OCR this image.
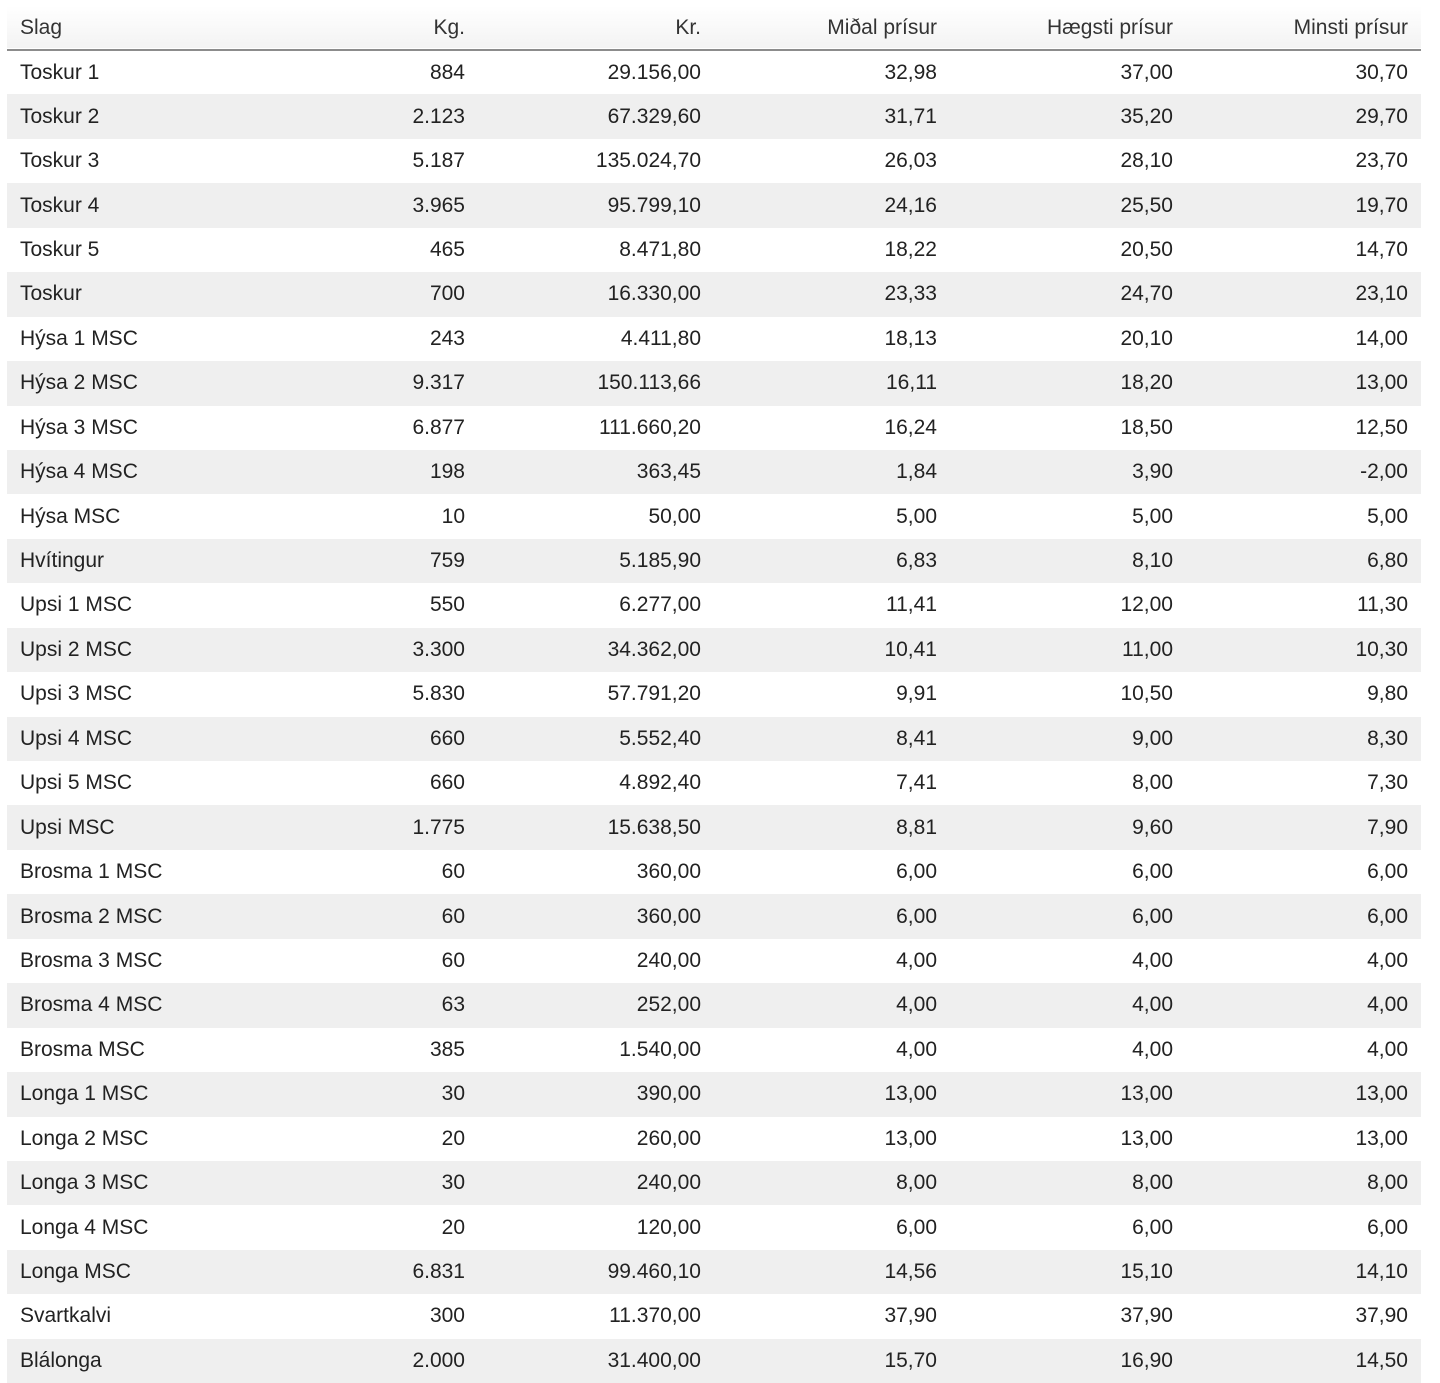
Slag	Kg.	Kr.	Miðal prísur	Hægsti prísur	Minsti prísur
Toskur 1	884	29.156,00	32,98	37,00	30,70
Toskur 2	2.123	67.329,60	31,71	35,20	29,70
Toskur 3	5.187	135.024,70	26,03	28,10	23,70
Toskur 4	3.965	95.799,10	24,16	25,50	19,70
Toskur 5	465	8.471,80	18,22	20,50	14,70
Toskur	700	16.330,00	23,33	24,70	23,10
Hýsa 1 MSC	243	4.411,80	18,13	20,10	14,00
Hýsa 2 MSC	9.317	150.113,66	16,11	18,20	13,00
Hýsa 3 MSC	6.877	111.660,20	16,24	18,50	12,50
Hýsa 4 MSC	198	363,45	1,84	3,90	-2,00
Hýsa MSC	10	50,00	5,00	5,00	5,00
Hvítingur	759	5.185,90	6,83	8,10	6,80
Upsi 1 MSC	550	6.277,00	11,41	12,00	11,30
Upsi 2 MSC	3.300	34.362,00	10,41	11,00	10,30
Upsi 3 MSC	5.830	57.791,20	9,91	10,50	9,80
Upsi 4 MSC	660	5.552,40	8,41	9,00	8,30
Upsi 5 MSC	660	4.892,40	7,41	8,00	7,30
Upsi MSC	1.775	15.638,50	8,81	9,60	7,90
Brosma 1 MSC	60	360,00	6,00	6,00	6,00
Brosma 2 MSC	60	360,00	6,00	6,00	6,00
Brosma 3 MSC	60	240,00	4,00	4,00	4,00
Brosma 4 MSC	63	252,00	4,00	4,00	4,00
Brosma MSC	385	1.540,00	4,00	4,00	4,00
Longa 1 MSC	30	390,00	13,00	13,00	13,00
Longa 2 MSC	20	260,00	13,00	13,00	13,00
Longa 3 MSC	30	240,00	8,00	8,00	8,00
Longa 4 MSC	20	120,00	6,00	6,00	6,00
Longa MSC	6.831	99.460,10	14,56	15,10	14,10
Svartkalvi	300	11.370,00	37,90	37,90	37,90
Blálonga	2.000	31.400,00	15,70	16,90	14,50
